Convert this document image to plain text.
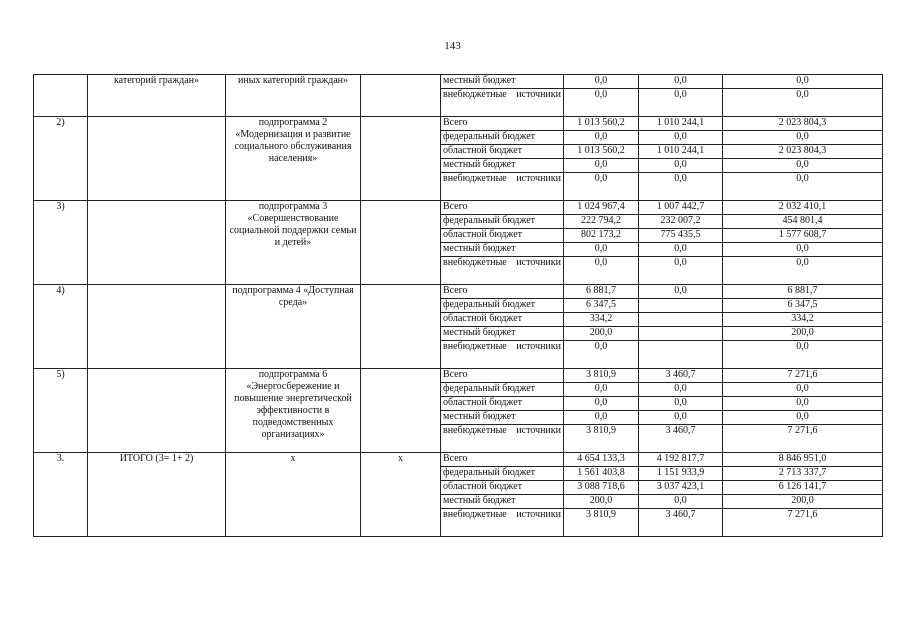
143
	категорий граждан»	иных категорий граждан»		местный бюджет	0,0	0,0	0,0
				внебюджетные источники	0,0	0,0	0,0
2)		подпрограмма 2 «Модернизация и развитие социального обслуживания населения»		Всего	1 013 560,2	1 010 244,1	2 023 804,3
				федеральный бюджет	0,0	0,0	0,0
				областной бюджет	1 013 560,2	1 010 244,1	2 023 804,3
				местный бюджет	0,0	0,0	0,0
				внебюджетные источники	0,0	0,0	0,0
3)		подпрограмма 3 «Совершенствование социальной поддержки семьи и детей»		Всего	1 024 967,4	1 007 442,7	2 032 410,1
				федеральный бюджет	222 794,2	232 007,2	454 801,4
				областной бюджет	802 173,2	775 435,5	1 577 608,7
				местный бюджет	0,0	0,0	0,0
				внебюджетные источники	0,0	0,0	0,0
4)		подпрограмма 4 «Доступная среда»		Всего	6 881,7	0,0	6 881,7
				федеральный бюджет	6 347,5		6 347,5
				областной бюджет	334,2		334,2
				местный бюджет	200,0		200,0
				внебюджетные источники	0,0		0,0
5)		подпрограмма 6 «Энергосбережение и повышение энергетической эффективности в подведомственных организациях»		Всего	3 810,9	3 460,7	7 271,6
				федеральный бюджет	0,0	0,0	0,0
				областной бюджет	0,0	0,0	0,0
				местный бюджет	0,0	0,0	0,0
				внебюджетные источники	3 810,9	3 460,7	7 271,6
3.	ИТОГО (3= 1+ 2)	х	х	Всего	4 654 133,3	4 192 817,7	8 846 951,0
				федеральный бюджет	1 561 403,8	1 151 933,9	2 713 337,7
				областной бюджет	3 088 718,6	3 037 423,1	6 126 141,7
				местный бюджет	200,0	0,0	200,0
				внебюджетные источники	3 810,9	3 460,7	7 271,6
